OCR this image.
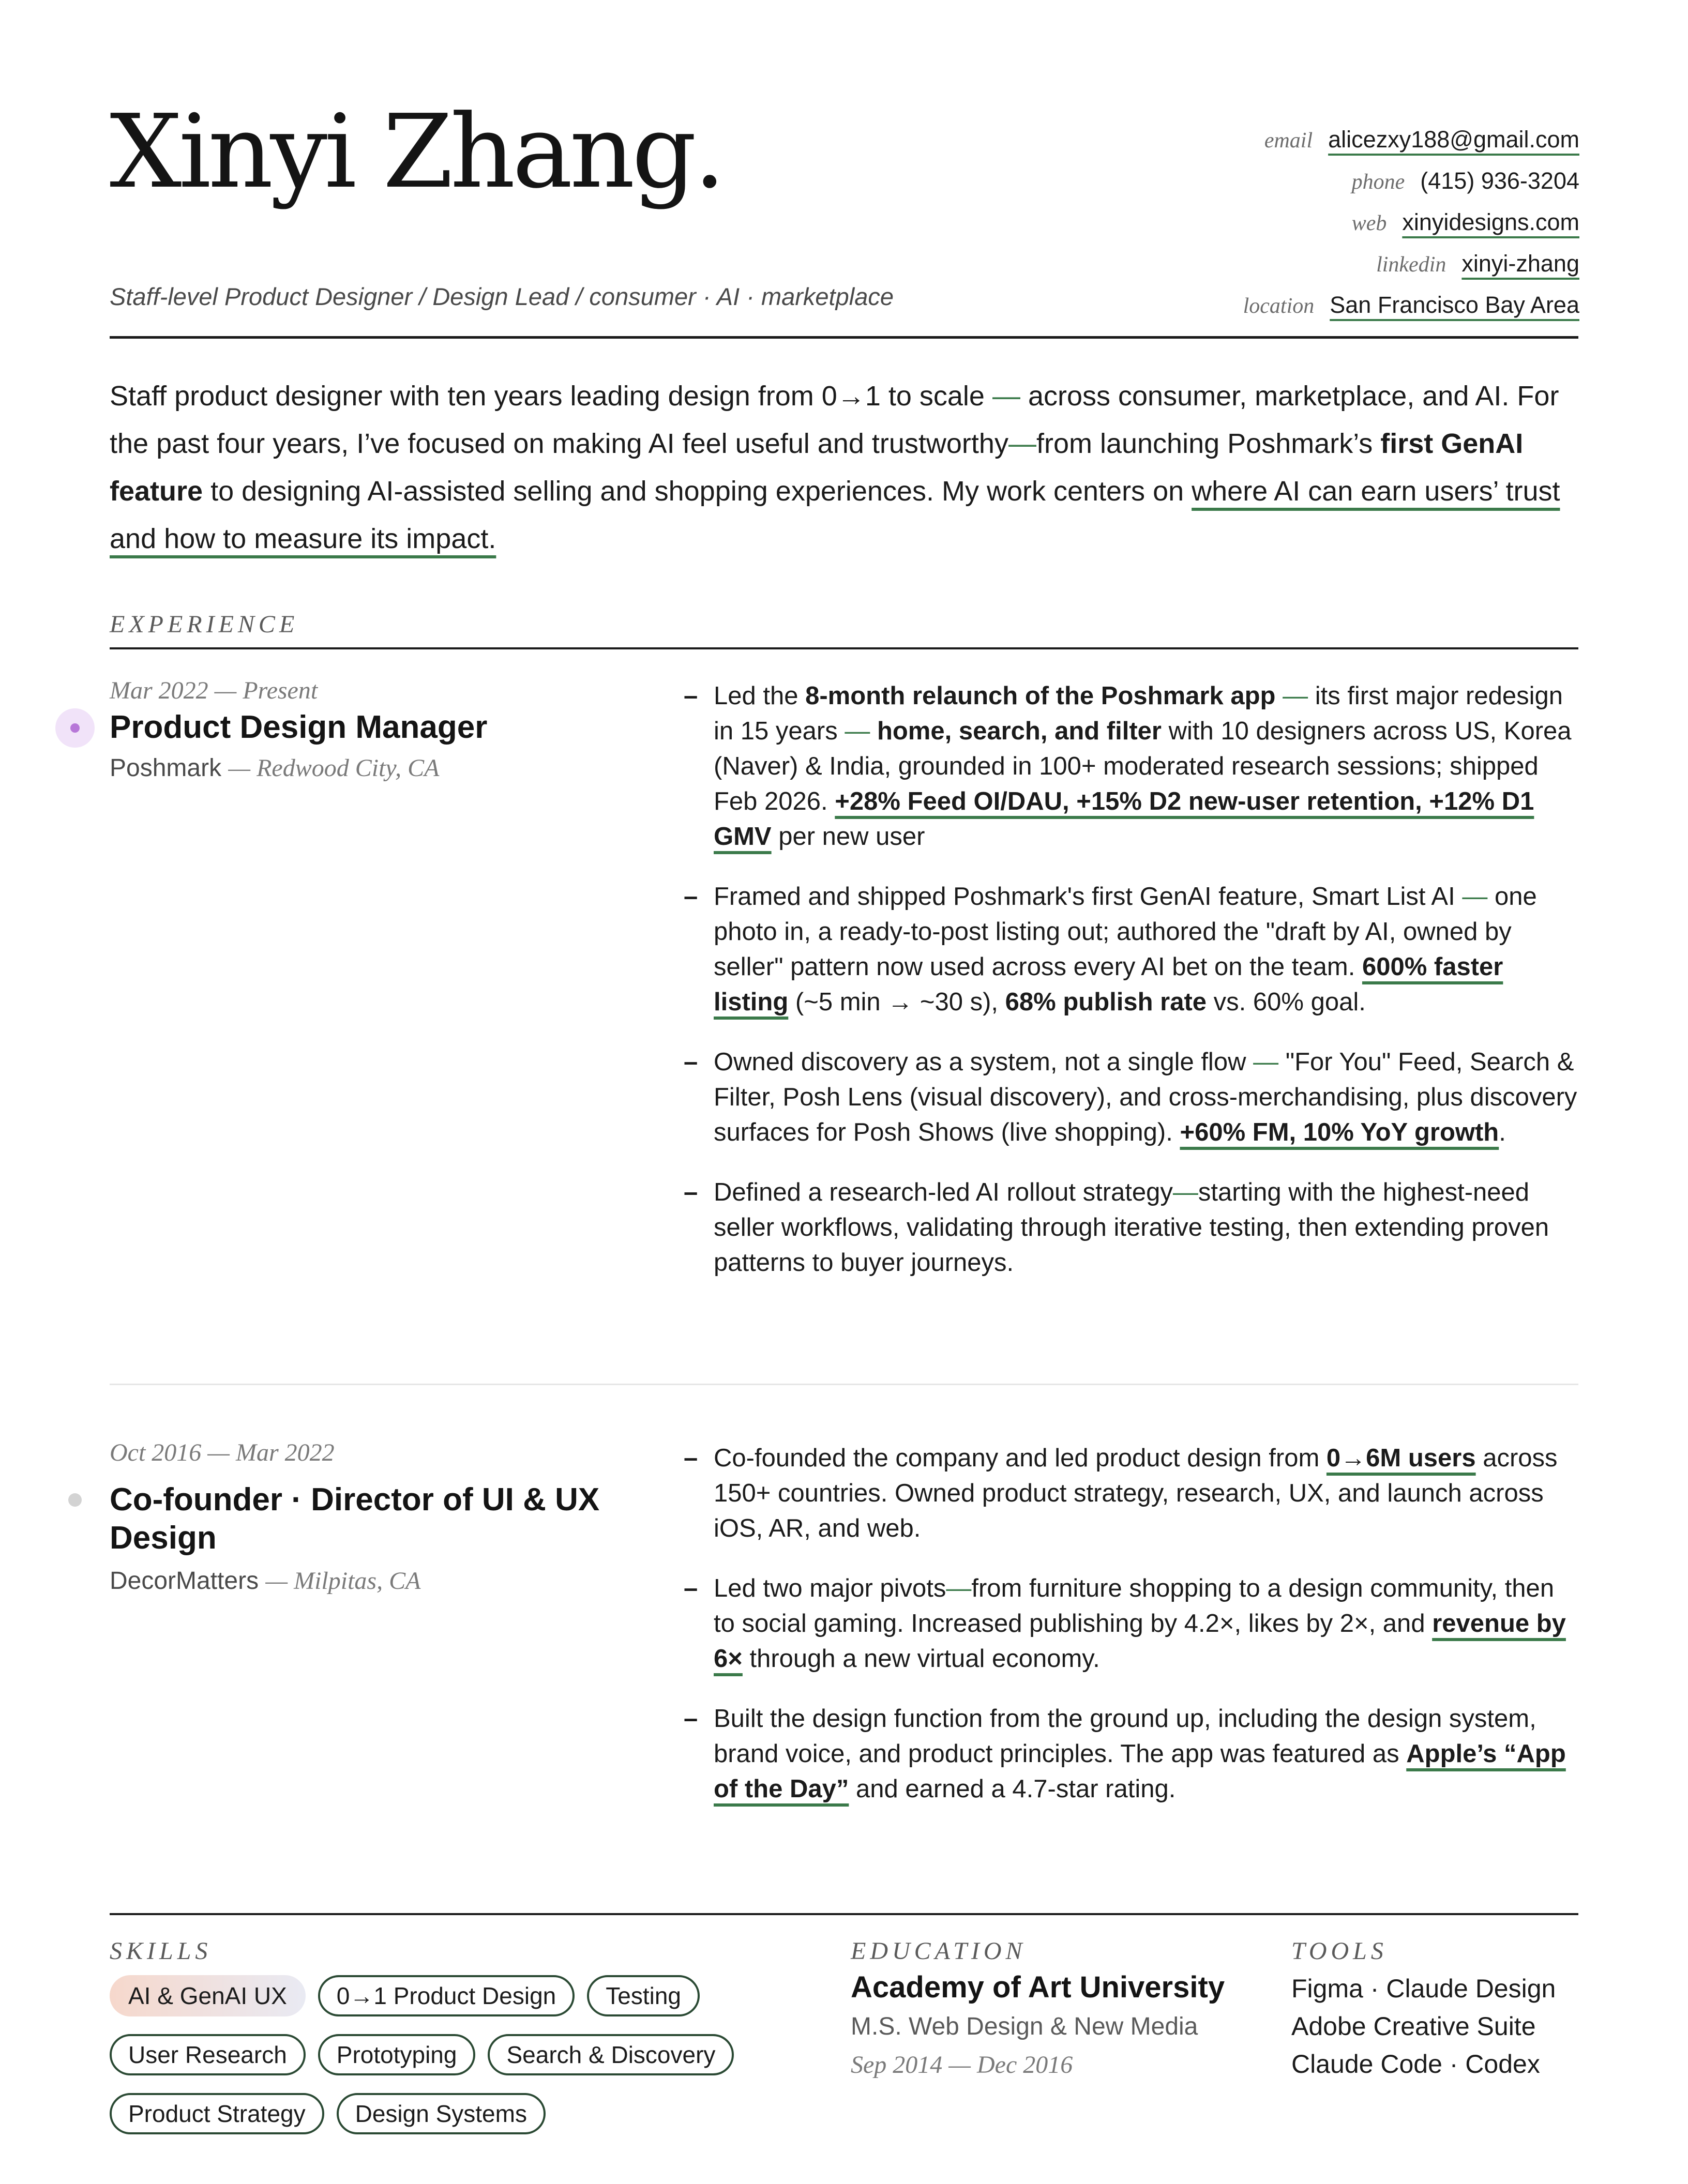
Xinyi Zhang.
Staff-level Product Designer / Design Lead / consumer · AI · marketplace
email alicezxy188@gmail.com
phone (415) 936-3204
web xinyidesigns.com
linkedin xinyi-zhang
location San Francisco Bay Area
Staff product designer with ten years leading design from 0→1 to scale — across consumer, marketplace, and AI. For the past four years, I’ve focused on making AI feel useful and trustworthy—from launching Poshmark’s first GenAI feature to designing AI-assisted selling and shopping experiences. My work centers on where AI can earn users’ trust and how to measure its impact.
EXPERIENCE
Mar 2022 — Present
Product Design Manager
Poshmark — Redwood City, CA
– Led the 8-month relaunch of the Poshmark app — its first major redesign in 15 years — home, search, and filter with 10 designers across US, Korea (Naver) & India, grounded in 100+ moderated research sessions; shipped Feb 2026. +28% Feed OI/DAU, +15% D2 new-user retention, +12% D1 GMV per new user
– Framed and shipped Poshmark's first GenAI feature, Smart List AI — one photo in, a ready-to-post listing out; authored the "draft by AI, owned by seller" pattern now used across every AI bet on the team. 600% faster listing (~5 min → ~30 s), 68% publish rate vs. 60% goal.
– Owned discovery as a system, not a single flow — "For You" Feed, Search & Filter, Posh Lens (visual discovery), and cross-merchandising, plus discovery surfaces for Posh Shows (live shopping). +60% FM, 10% YoY growth.
– Defined a research-led AI rollout strategy—starting with the highest-need seller workflows, validating through iterative testing, then extending proven patterns to buyer journeys.
Oct 2016 — Mar 2022
Co-founder · Director of UI & UX Design
DecorMatters — Milpitas, CA
– Co-founded the company and led product design from 0→6M users across 150+ countries. Owned product strategy, research, UX, and launch across iOS, AR, and web.
– Led two major pivots—from furniture shopping to a design community, then to social gaming. Increased publishing by 4.2×, likes by 2×, and revenue by 6× through a new virtual economy.
– Built the design function from the ground up, including the design system, brand voice, and product principles. The app was featured as Apple’s “App of the Day” and earned a 4.7-star rating.
SKILLS
AI & GenAI UX	0→1 Product Design	Testing
User Research	Prototyping	Search & Discovery
Product Strategy	Design Systems
EDUCATION
Academy of Art University
M.S. Web Design & New Media
Sep 2014 — Dec 2016
TOOLS
Figma · Claude Design
Adobe Creative Suite
Claude Code · Codex
